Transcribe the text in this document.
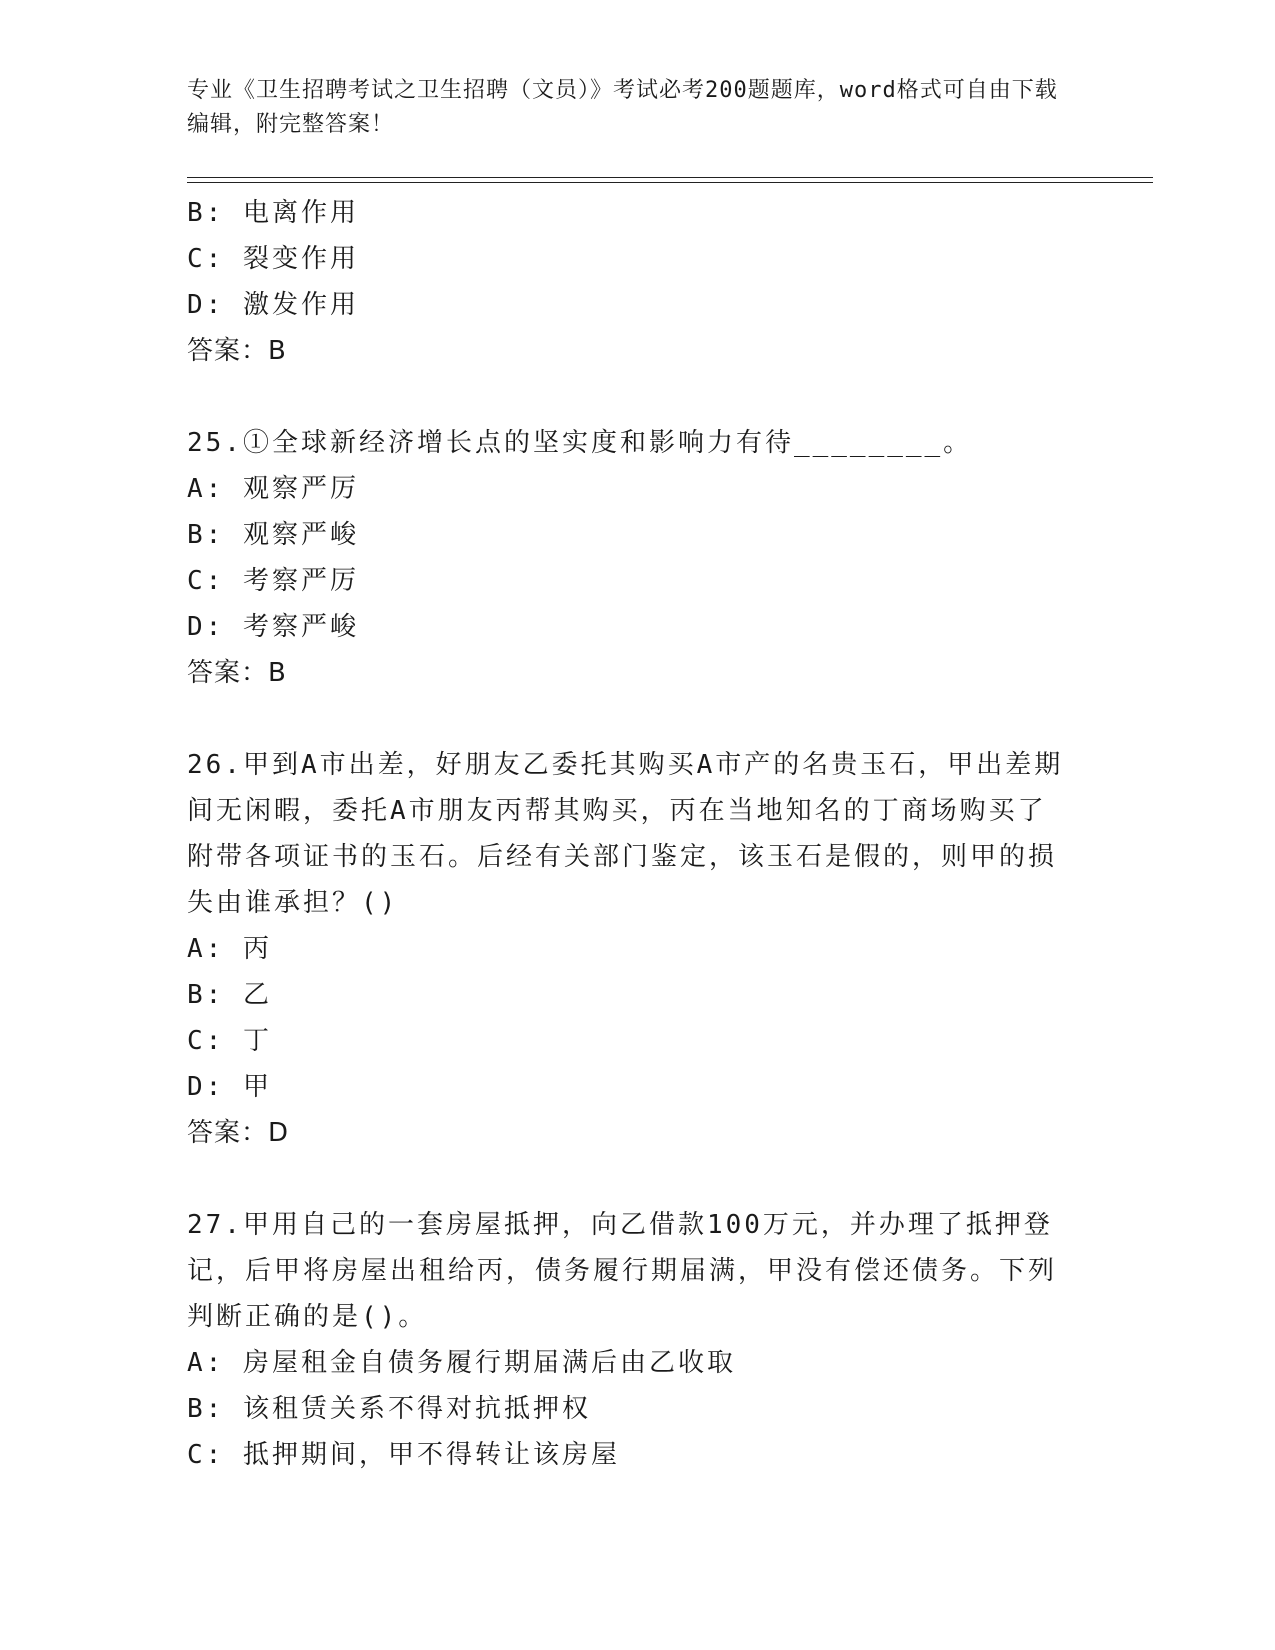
专业《卫生招聘考试之卫生招聘（文员）》考试必考200题题库，word格式可自由下载编辑，附完整答案！
B: 电离作用
C: 裂变作用
D: 激发作用
答案：B
25.①全球新经济增长点的坚实度和影响力有待________。
A: 观察严厉
B: 观察严峻
C: 考察严厉
D: 考察严峻
答案：B
26.甲到A市出差，好朋友乙委托其购买A市产的名贵玉石，甲出差期间无闲暇，委托A市朋友丙帮其购买，丙在当地知名的丁商场购买了附带各项证书的玉石。后经有关部门鉴定，该玉石是假的，则甲的损失由谁承担？()
A: 丙
B: 乙
C: 丁
D: 甲
答案：D
27.甲用自己的一套房屋抵押，向乙借款100万元，并办理了抵押登记，后甲将房屋出租给丙，债务履行期届满，甲没有偿还债务。下列判断正确的是()。
A: 房屋租金自债务履行期届满后由乙收取
B: 该租赁关系不得对抗抵押权
C: 抵押期间，甲不得转让该房屋
